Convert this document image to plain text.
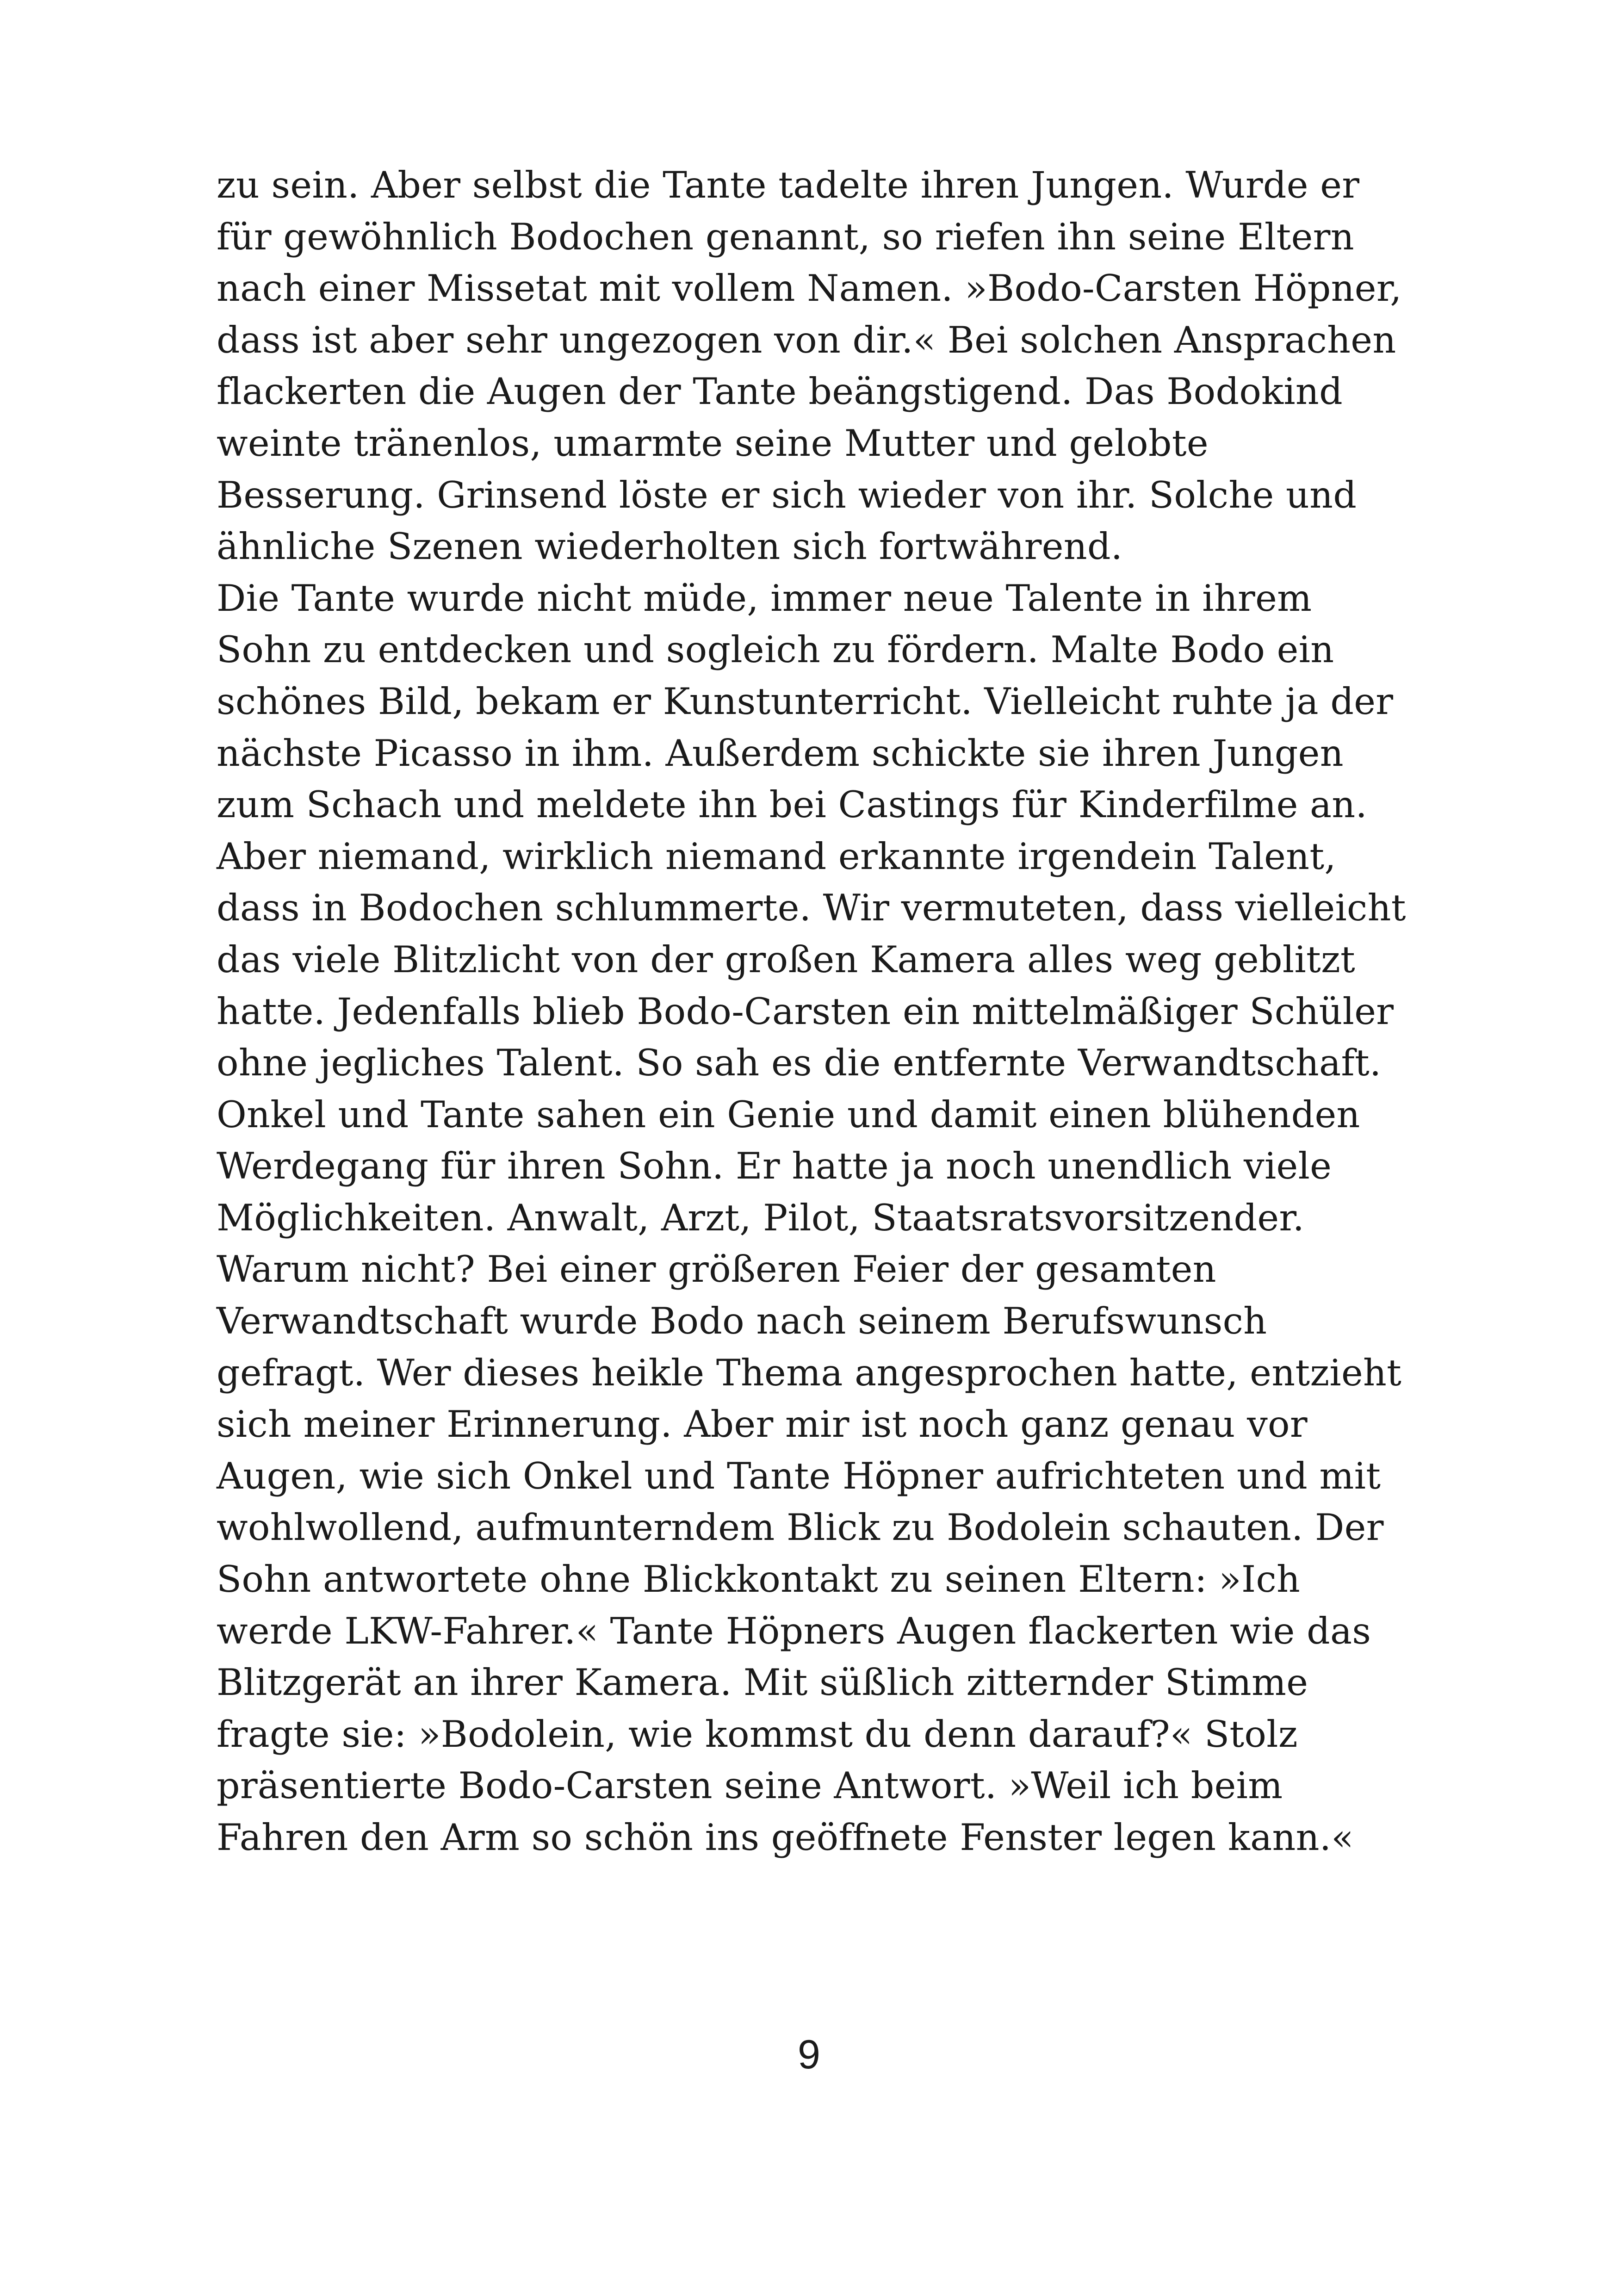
zu sein. Aber selbst die Tante tadelte ihren Jungen. Wurde er
für gewöhnlich Bodochen genannt, so riefen ihn seine Eltern
nach einer Missetat mit vollem Namen. »Bodo-Carsten Höpner,
dass ist aber sehr ungezogen von dir.« Bei solchen Ansprachen
flackerten die Augen der Tante beängstigend. Das Bodokind
weinte tränenlos, umarmte seine Mutter und gelobte
Besserung. Grinsend löste er sich wieder von ihr. Solche und
ähnliche Szenen wiederholten sich fortwährend.
Die Tante wurde nicht müde, immer neue Talente in ihrem
Sohn zu entdecken und sogleich zu fördern. Malte Bodo ein
schönes Bild, bekam er Kunstunterricht. Vielleicht ruhte ja der
nächste Picasso in ihm. Außerdem schickte sie ihren Jungen
zum Schach und meldete ihn bei Castings für Kinderfilme an.
Aber niemand, wirklich niemand erkannte irgendein Talent,
dass in Bodochen schlummerte. Wir vermuteten, dass vielleicht
das viele Blitzlicht von der großen Kamera alles weg geblitzt
hatte. Jedenfalls blieb Bodo-Carsten ein mittelmäßiger Schüler
ohne jegliches Talent. So sah es die entfernte Verwandtschaft.
Onkel und Tante sahen ein Genie und damit einen blühenden
Werdegang für ihren Sohn. Er hatte ja noch unendlich viele
Möglichkeiten. Anwalt, Arzt, Pilot, Staatsratsvorsitzender.
Warum nicht? Bei einer größeren Feier der gesamten
Verwandtschaft wurde Bodo nach seinem Berufswunsch
gefragt. Wer dieses heikle Thema angesprochen hatte, entzieht
sich meiner Erinnerung. Aber mir ist noch ganz genau vor
Augen, wie sich Onkel und Tante Höpner aufrichteten und mit
wohlwollend, aufmunterndem Blick zu Bodolein schauten. Der
Sohn antwortete ohne Blickkontakt zu seinen Eltern: »Ich
werde LKW-Fahrer.« Tante Höpners Augen flackerten wie das
Blitzgerät an ihrer Kamera. Mit süßlich zitternder Stimme
fragte sie: »Bodolein, wie kommst du denn darauf?« Stolz
präsentierte Bodo-Carsten seine Antwort. »Weil ich beim
Fahren den Arm so schön ins geöffnete Fenster legen kann.«
9
